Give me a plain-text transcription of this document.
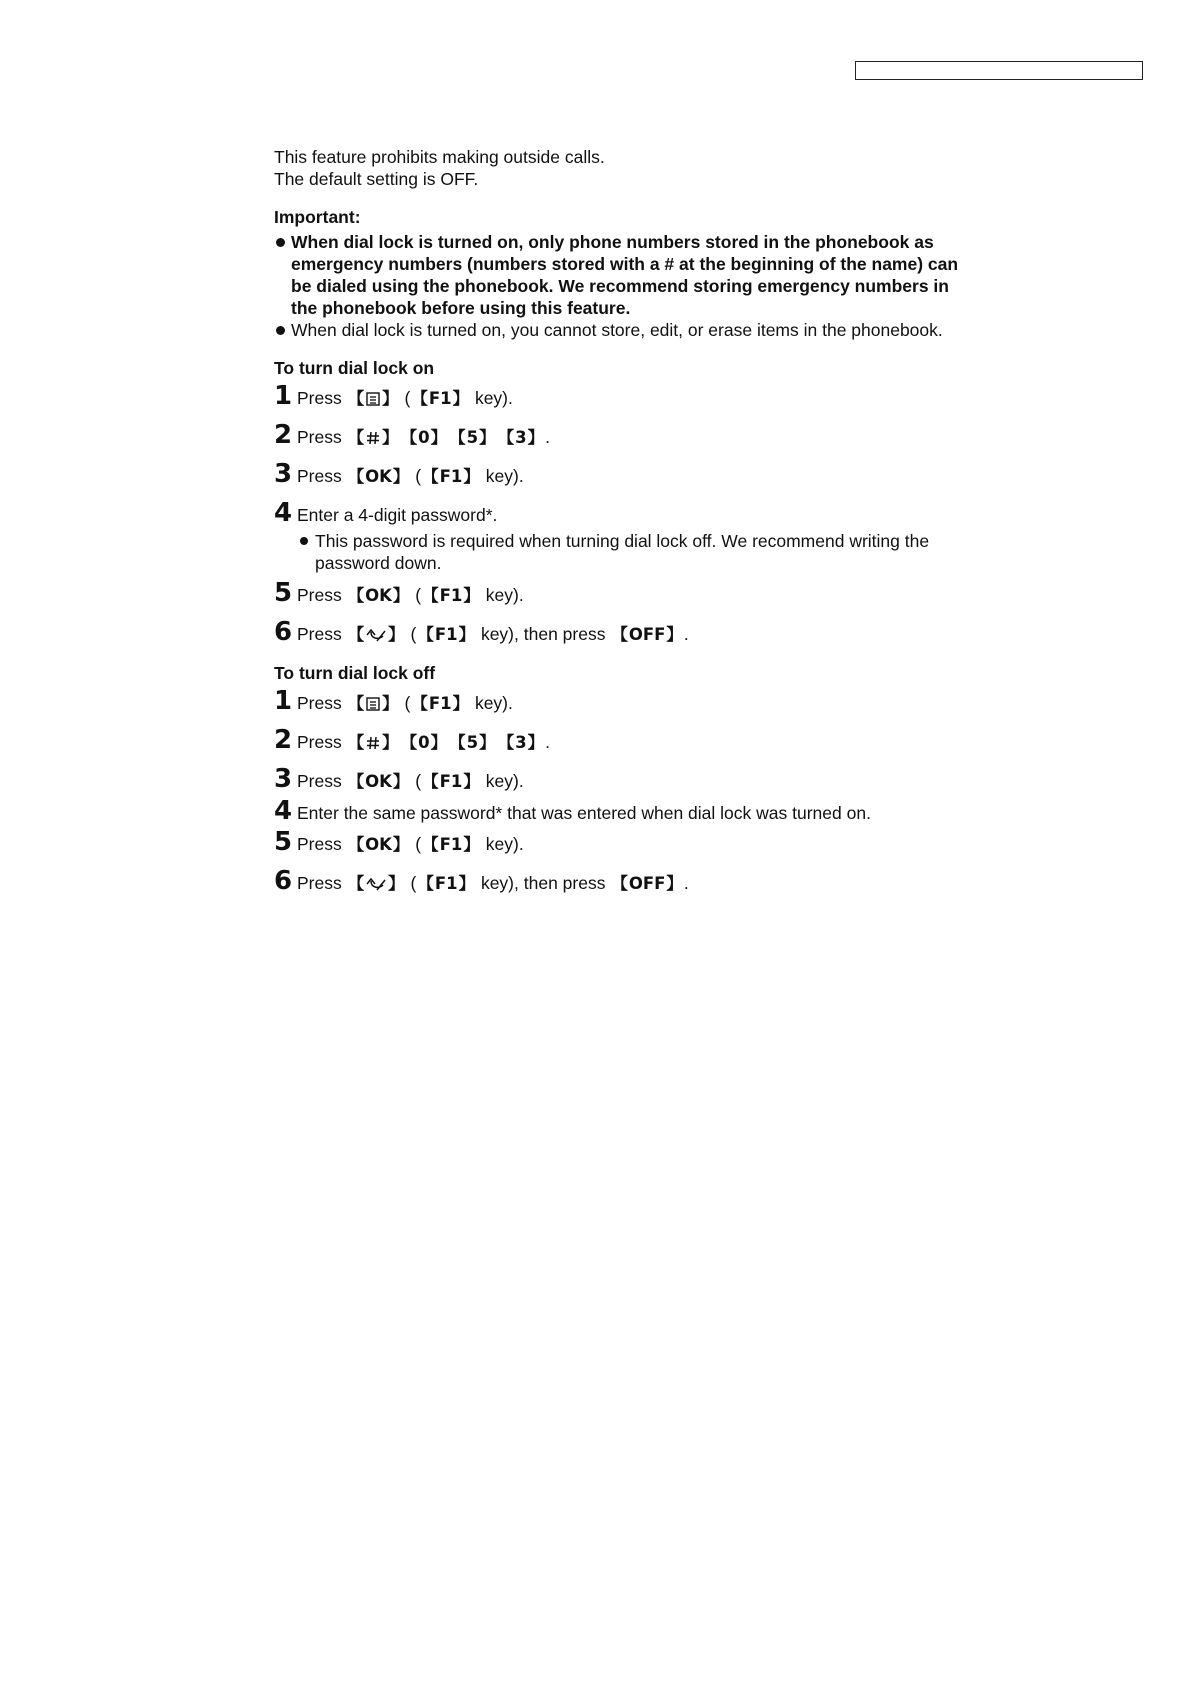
This feature prohibits making outside calls.

The default setting is OFF.

Important:
When dial lock is turned on, only phone numbers stored in the phonebook as emergency numbers (numbers stored with a # at the beginning of the name) can be dialed using the phonebook. We recommend storing emergency numbers in the phonebook before using this feature.
When dial lock is turned on, you cannot store, edit, or erase items in the phonebook.
To turn dial lock on
1 Press 【  】	( 【 F1 】 key).
2 Press 【  】	【 0 】 【 5 】 【 3 】 .
3 Press 【 OK 】 ( 【 F1 】 key).
4 Enter a 4-digit password*.
This password is required when turning dial lock off. We recommend writing the password down.
5 Press 【 OK 】 ( 【 F1 】 key).
6 Press 【  】	( 【 F1 】 key), then press 【 OFF 】 .
To turn dial lock off
1 Press 【  】	( 【 F1 】 key).
2 Press 【  】	【 0 】 【 5 】 【 3 】 .
3 Press 【 OK 】 ( 【 F1 】 key).
4 Enter the same password* that was entered when dial lock was turned on.
5 Press 【 OK 】 ( 【 F1 】 key).
6 Press 【  】	( 【 F1 】 key), then press 【 OFF 】 .
